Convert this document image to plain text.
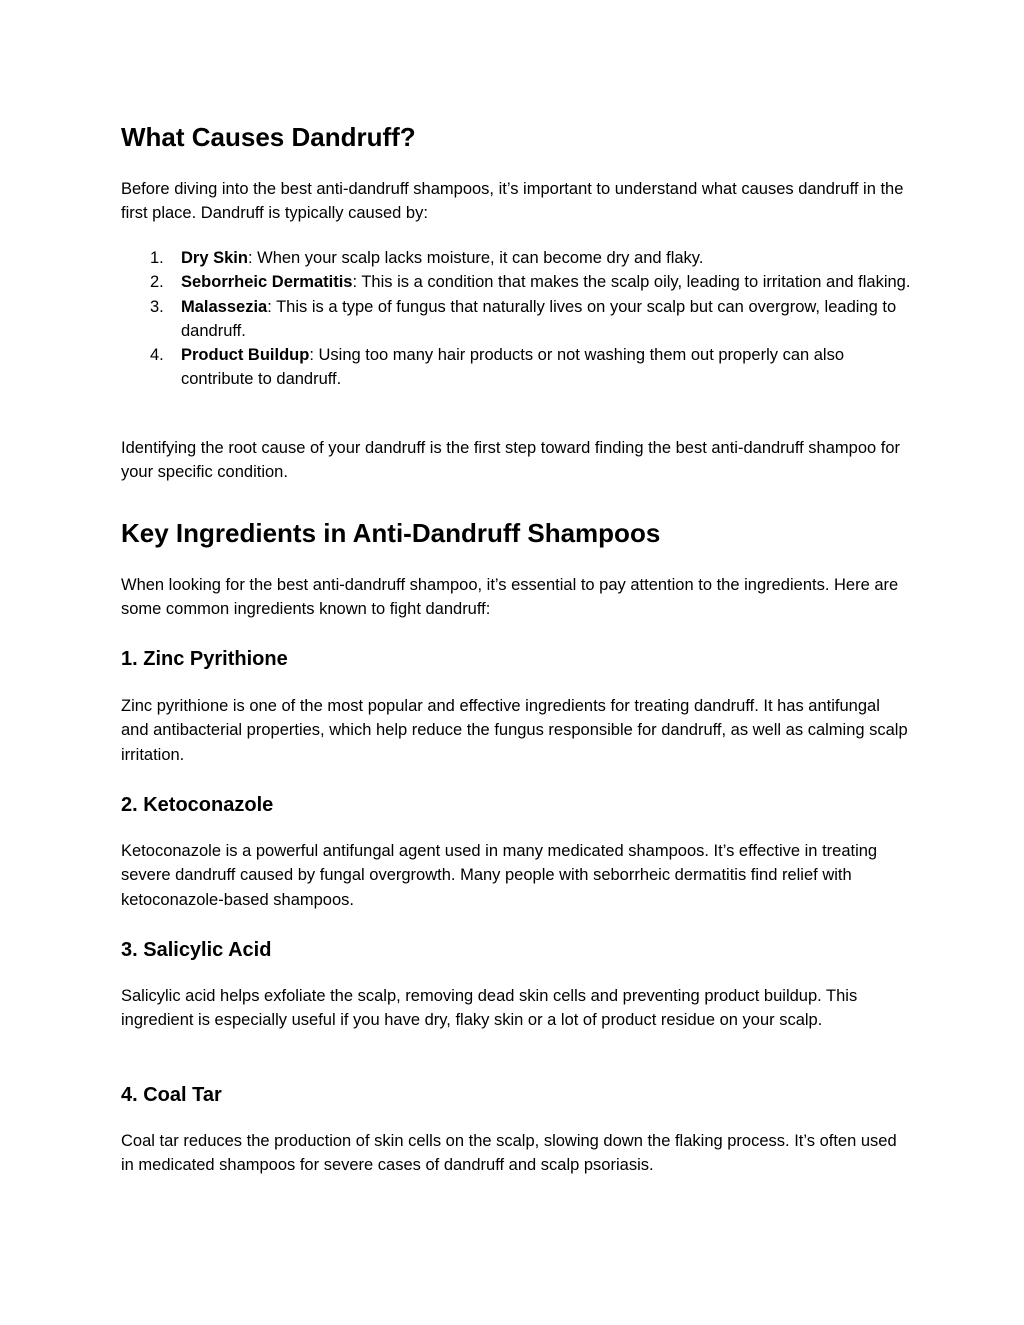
What Causes Dandruff?

Before diving into the best anti-dandruff shampoos, it’s important to understand what causes dandruff in the first place. Dandruff is typically caused by:

1. Dry Skin: When your scalp lacks moisture, it can become dry and flaky.
2. Seborrheic Dermatitis: This is a condition that makes the scalp oily, leading to irritation and flaking.
3. Malassezia: This is a type of fungus that naturally lives on your scalp but can overgrow, leading to dandruff.
4. Product Buildup: Using too many hair products or not washing them out properly can also contribute to dandruff.

Identifying the root cause of your dandruff is the first step toward finding the best anti-dandruff shampoo for your specific condition.

Key Ingredients in Anti-Dandruff Shampoos

When looking for the best anti-dandruff shampoo, it’s essential to pay attention to the ingredients. Here are some common ingredients known to fight dandruff:

1. Zinc Pyrithione

Zinc pyrithione is one of the most popular and effective ingredients for treating dandruff. It has antifungal and antibacterial properties, which help reduce the fungus responsible for dandruff, as well as calming scalp irritation.

2. Ketoconazole

Ketoconazole is a powerful antifungal agent used in many medicated shampoos. It’s effective in treating severe dandruff caused by fungal overgrowth. Many people with seborrheic dermatitis find relief with ketoconazole-based shampoos.

3. Salicylic Acid

Salicylic acid helps exfoliate the scalp, removing dead skin cells and preventing product buildup. This ingredient is especially useful if you have dry, flaky skin or a lot of product residue on your scalp.

4. Coal Tar

Coal tar reduces the production of skin cells on the scalp, slowing down the flaking process. It’s often used in medicated shampoos for severe cases of dandruff and scalp psoriasis.
